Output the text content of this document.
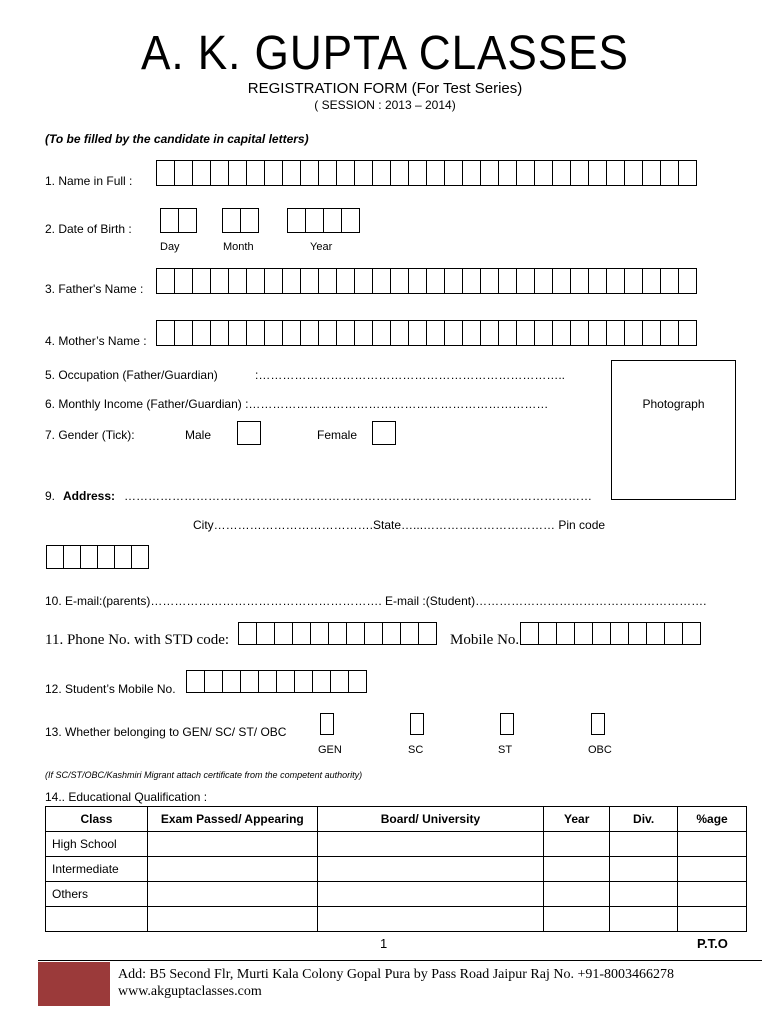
A. K. GUPTA CLASSES
REGISTRATION FORM (For Test Series)
( SESSION : 2013 – 2014)
(To be filled by the candidate in capital letters)
1. Name in Full :
2. Date of Birth :
Day	Month	Year
3. Father's Name :
4. Mother’s Name :
5. Occupation (Father/Guardian)	:…………………………………………………………………..
6. Monthly Income (Father/Guardian) :…………………………………………………………………	Photograph
7. Gender (Tick):	Male	Female
9. Address: ………………………………………………………………………………………………………
City………………………………….State…...…………………………… Pin code
10. E-mail:(parents)…………………………………………………. E-mail :(Student)………………………………………………….
11. Phone No. with STD code:	Mobile No.
12. Student’s Mobile No.
13. Whether belonging to GEN/ SC/ ST/ OBC
GEN	SC	ST	OBC
(If SC/ST/OBC/Kashmiri Migrant attach certificate from the competent authority)
14.. Educational Qualification :
Class	Exam Passed/ Appearing	Board/ University	Year	Div.	%age
High School					
Intermediate					
Others					

1	P.T.O
Add: B5 Second Flr, Murti Kala Colony Gopal Pura by Pass Road Jaipur Raj No. +91-8003466278
www.akguptaclasses.com
